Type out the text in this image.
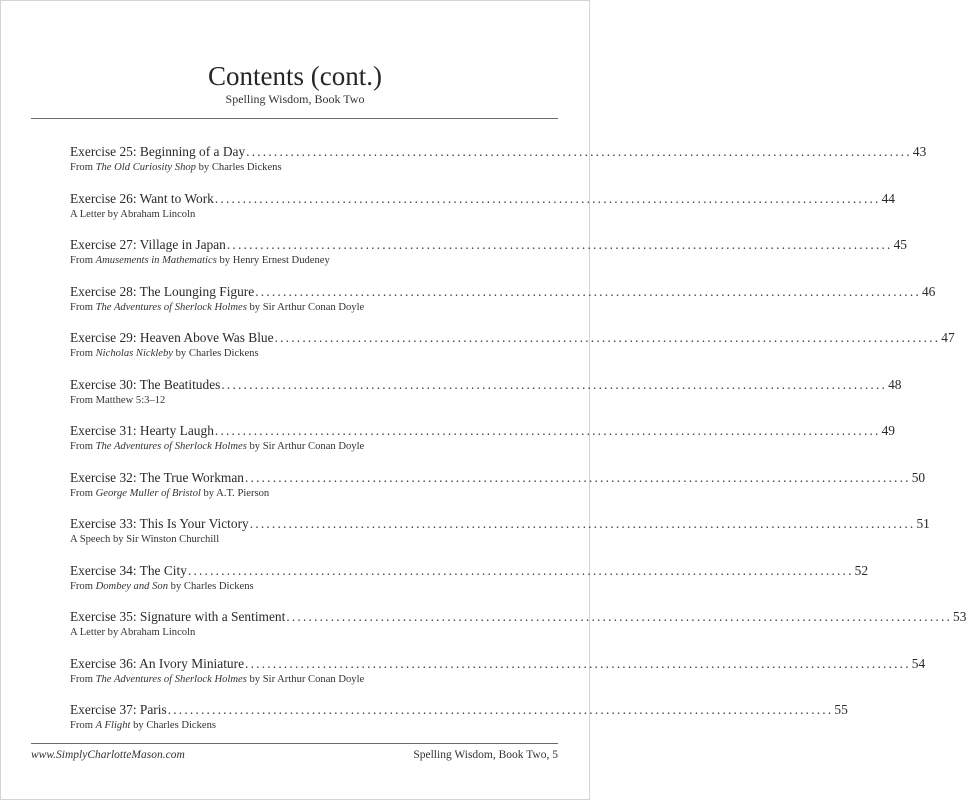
Contents (cont.)
Spelling Wisdom, Book Two
Exercise 25: Beginning of a Day ........................................................................................................................ 43
From The Old Curiosity Shop by Charles Dickens
Exercise 26: Want to Work ........................................................................................................................ 44
A Letter by Abraham Lincoln
Exercise 27: Village in Japan ........................................................................................................................ 45
From Amusements in Mathematics by Henry Ernest Dudeney
Exercise 28: The Lounging Figure ........................................................................................................................ 46
From The Adventures of Sherlock Holmes by Sir Arthur Conan Doyle
Exercise 29: Heaven Above Was Blue ........................................................................................................................ 47
From Nicholas Nickleby by Charles Dickens
Exercise 30: The Beatitudes ........................................................................................................................ 48
From Matthew 5:3–12
Exercise 31: Hearty Laugh ........................................................................................................................ 49
From The Adventures of Sherlock Holmes by Sir Arthur Conan Doyle
Exercise 32: The True Workman ........................................................................................................................ 50
From George Muller of Bristol by A.T. Pierson
Exercise 33: This Is Your Victory ........................................................................................................................ 51
A Speech by Sir Winston Churchill
Exercise 34: The City ........................................................................................................................ 52
From Dombey and Son by Charles Dickens
Exercise 35: Signature with a Sentiment ........................................................................................................................ 53
A Letter by Abraham Lincoln
Exercise 36: An Ivory Miniature ........................................................................................................................ 54
From The Adventures of Sherlock Holmes by Sir Arthur Conan Doyle
Exercise 37: Paris ........................................................................................................................ 55
From A Flight by Charles Dickens
www.SimplyCharlotteMason.com	Spelling Wisdom, Book Two, 5
